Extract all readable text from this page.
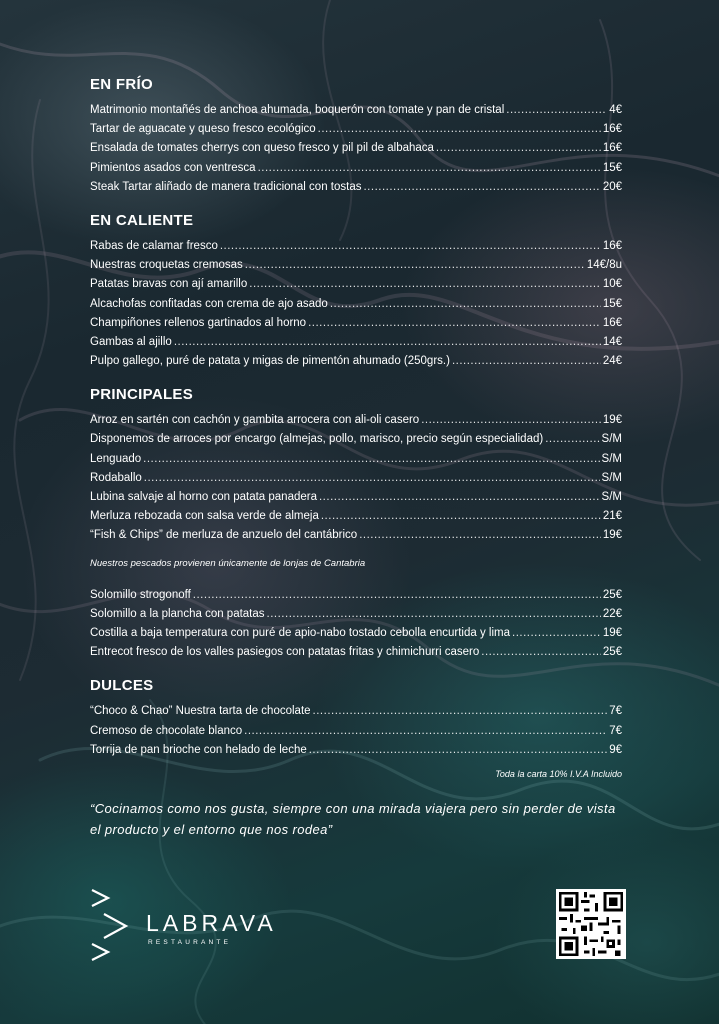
EN FRÍO
Matrimonio montañés de anchoa ahumada, boquerón con tomate y pan de cristal .....	4€
Tartar de aguacate y queso fresco ecológico .....	16€
Ensalada de tomates cherrys con queso fresco y pil pil de albahaca .....	16€
Pimientos asados con ventresca .....	15€
Steak Tartar aliñado de manera tradicional con tostas .....	20€
EN CALIENTE
Rabas de calamar fresco .....	16€
Nuestras croquetas cremosas .....	14€/8u
Patatas bravas con ají amarillo .....	10€
Alcachofas confitadas con crema de ajo asado .....	15€
Champiñones rellenos gartinados al horno .....	16€
Gambas al ajillo .....	14€
Pulpo gallego, puré de patata y migas de pimentón ahumado (250grs.) .....	24€
PRINCIPALES
Arroz en sartén con cachón y gambita arrocera con ali-oli casero .....	19€
Disponemos de arroces por encargo (almejas, pollo, marisco, precio según especialidad) .....	S/M
Lenguado .....	S/M
Rodaballo .....	S/M
Lubina salvaje al horno con patata panadera .....	S/M
Merluza rebozada con salsa verde de almeja .....	21€
“Fish & Chips” de merluza de anzuelo del cantábrico .....	19€
Nuestros pescados provienen únicamente de lonjas de Cantabria
Solomillo strogonoff .....	25€
Solomillo a la plancha con patatas .....	22€
Costilla a baja temperatura con puré de apio-nabo tostado cebolla encurtida y lima .....	19€
Entrecot fresco de los valles pasiegos con patatas fritas y chimichurri casero .....	25€
DULCES
“Choco & Chao” Nuestra tarta de chocolate .....	7€
Cremoso de chocolate blanco .....	7€
Torrija de pan brioche con helado de leche .....	9€
Toda la carta 10% I.V.A Incluido
“Cocinamos como nos gusta, siempre con una mirada viajera pero sin perder de vista el producto y el entorno que nos rodea”
LABRAVA
RESTAURANTE
